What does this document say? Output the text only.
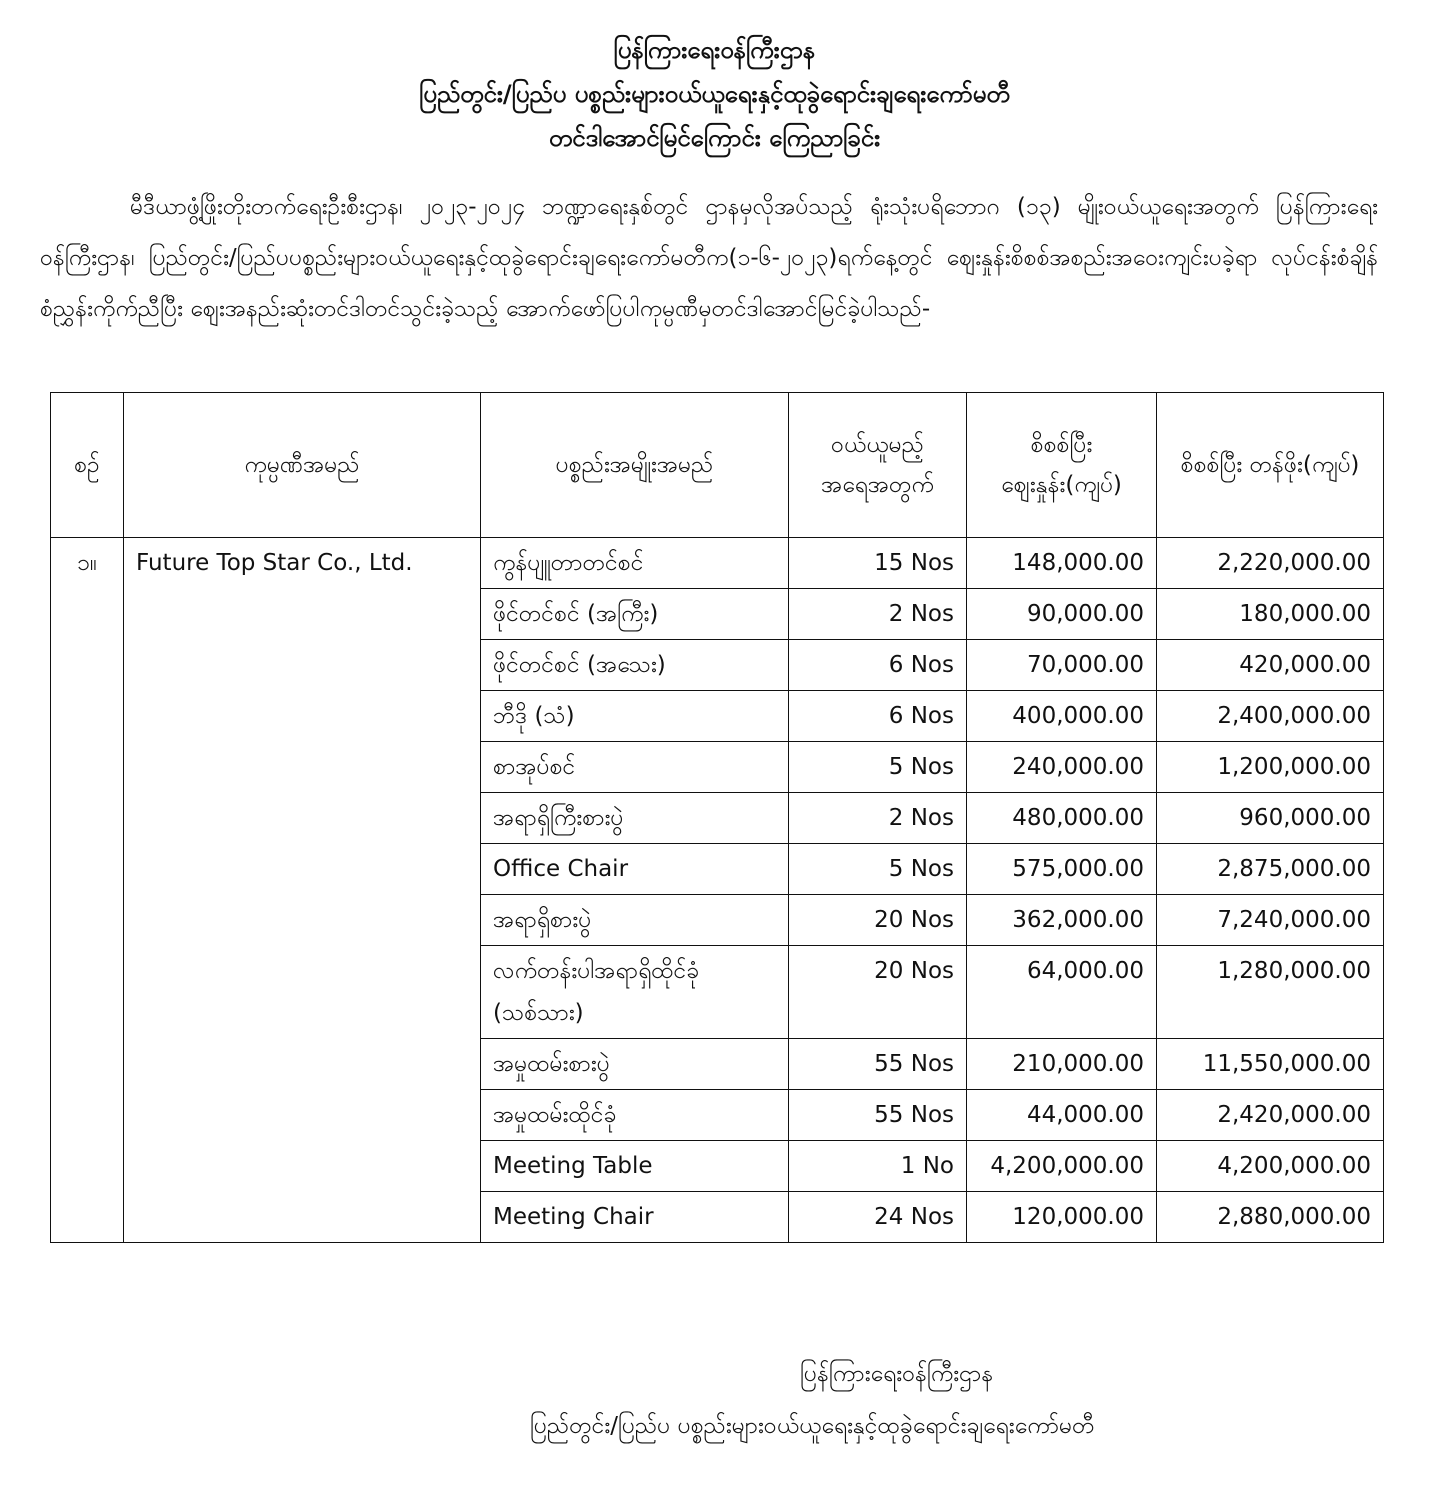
ပြန်ကြားရေးဝန်ကြီးဌာန
ပြည်တွင်း/ပြည်ပ ပစ္စည်းများဝယ်ယူရေးနှင့်ထုခွဲရောင်းချရေးကော်မတီ
တင်ဒါအောင်မြင်ကြောင်း ကြေညာခြင်း
မီဒီယာဖွံ့ဖြိုးတိုးတက်ရေးဦးစီးဌာန၊ ၂၀၂၃-၂၀၂၄ ဘဏ္ဍာရေးနှစ်တွင် ဌာနမှလိုအပ်သည့် ရုံးသုံးပရိဘောဂ (၁၃) မျိုးဝယ်ယူရေးအတွက် ပြန်ကြားရေးဝန်ကြီးဌာန၊ ပြည်တွင်း/ပြည်ပပစ္စည်းများဝယ်ယူရေးနှင့်ထုခွဲရောင်းချရေးကော်မတီက(၁-၆-၂၀၂၃)ရက်နေ့တွင် ဈေးနှုန်းစိစစ်အစည်းအဝေးကျင်းပခဲ့ရာ လုပ်ငန်းစံချိန်စံညွှန်းကိုက်ညီပြီး ဈေးအနည်းဆုံးတင်ဒါတင်သွင်းခဲ့သည့် အောက်ဖော်ပြပါကုမ္ပဏီမှတင်ဒါအောင်မြင်ခဲ့ပါသည်-
စဉ်	ကုမ္ပဏီအမည်	ပစ္စည်းအမျိုးအမည်	ဝယ်ယူမည့် အရေအတွက်	စိစစ်ပြီး ဈေးနှုန်း(ကျပ်)	စိစစ်ပြီး တန်ဖိုး(ကျပ်)
၁။	Future Top Star Co., Ltd.	ကွန်ပျူတာတင်စင်	15 Nos	148,000.00	2,220,000.00
		ဖိုင်တင်စင် (အကြီး)	2 Nos	90,000.00	180,000.00
		ဖိုင်တင်စင် (အသေး)	6 Nos	70,000.00	420,000.00
		ဘီဒို (သံ)	6 Nos	400,000.00	2,400,000.00
		စာအုပ်စင်	5 Nos	240,000.00	1,200,000.00
		အရာရှိကြီးစားပွဲ	2 Nos	480,000.00	960,000.00
		Office Chair	5 Nos	575,000.00	2,875,000.00
		အရာရှိစားပွဲ	20 Nos	362,000.00	7,240,000.00
		လက်တန်းပါအရာရှိထိုင်ခုံ (သစ်သား)	20 Nos	64,000.00	1,280,000.00
		အမှုထမ်းစားပွဲ	55 Nos	210,000.00	11,550,000.00
		အမှုထမ်းထိုင်ခုံ	55 Nos	44,000.00	2,420,000.00
		Meeting Table	1 No	4,200,000.00	4,200,000.00
		Meeting Chair	24 Nos	120,000.00	2,880,000.00
ပြန်ကြားရေးဝန်ကြီးဌာန
ပြည်တွင်း/ပြည်ပ ပစ္စည်းများဝယ်ယူရေးနှင့်ထုခွဲရောင်းချရေးကော်မတီ
